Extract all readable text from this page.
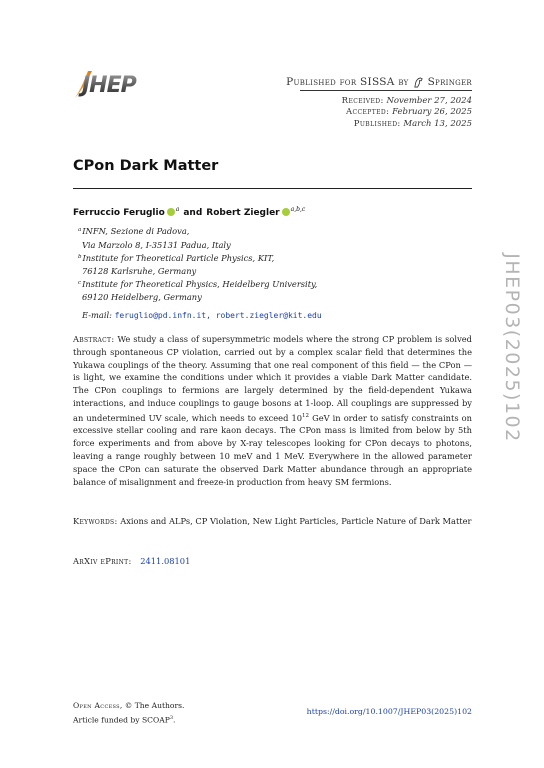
JHEP	Published for SISSA by Springer
Received: November 27, 2024
Accepted: February 26, 2025
Published: March 13, 2025
CPon Dark Matter
Ferruccio Feruglio a and Robert Ziegler a,b,c
$^a$INFN, Sezione di Padova,
Via Marzolo 8, I-35131 Padua, Italy
$^b$Institute for Theoretical Particle Physics, KIT,
76128 Karlsruhe, Germany
$^c$Institute for Theoretical Physics, Heidelberg University,
69120 Heidelberg, Germany
E-mail: feruglio@pd.infn.it, robert.ziegler@kit.edu
Abstract: We study a class of supersymmetric models where the strong CP problem is solved through spontaneous CP violation, carried out by a complex scalar field that determines the Yukawa couplings of the theory. Assuming that one real component of this field — the CPon — is light, we examine the conditions under which it provides a viable Dark Matter candidate. The CPon couplings to fermions are largely determined by the field-dependent Yukawa interactions, and induce couplings to gauge bosons at 1-loop. All couplings are suppressed by an undetermined UV scale, which needs to exceed $10^{12}$ GeV in order to satisfy constraints on excessive stellar cooling and rare kaon decays. The CPon mass is limited from below by 5th force experiments and from above by X-ray telescopes looking for CPon decays to photons, leaving a range roughly between 10 meV and 1 MeV. Everywhere in the allowed parameter space the CPon can saturate the observed Dark Matter abundance through an appropriate balance of misalignment and freeze-in production from heavy SM fermions.
Keywords: Axions and ALPs, CP Violation, New Light Particles, Particle Nature of Dark Matter
ArXiv ePrint: 2411.08101
Open Access, © The Authors.
Article funded by SCOAP$^3$.
https://doi.org/10.1007/JHEP03(2025)102
JHEP03(2025)102
